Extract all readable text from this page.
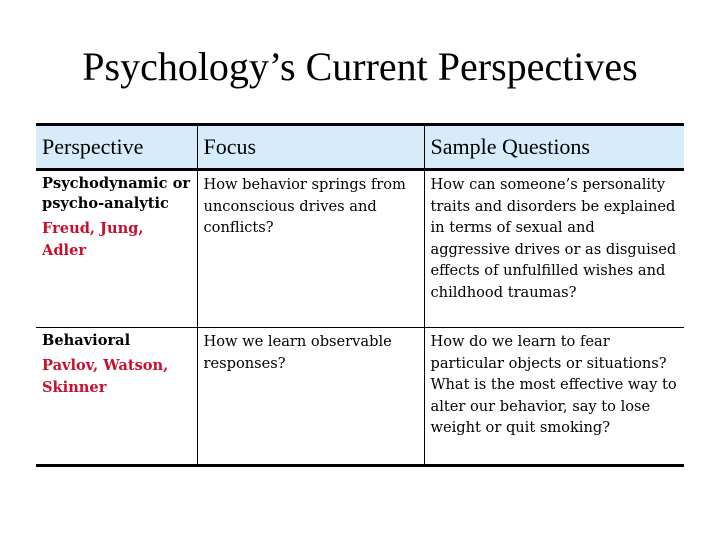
Psychology’s Current Perspectives
Perspective	Focus	Sample Questions

Psychodynamic or psycho-analytic
Freud, Jung, Adler	How behavior springs from unconscious drives and conflicts?	How can someone’s personality traits and disorders be explained in terms of sexual and aggressive drives or as disguised effects of unfulfilled wishes and childhood traumas?

Behavioral
Pavlov, Watson, Skinner	How we learn observable responses?	How do we learn to fear particular objects or situations? What is the most effective way to alter our behavior, say to lose weight or quit smoking?
